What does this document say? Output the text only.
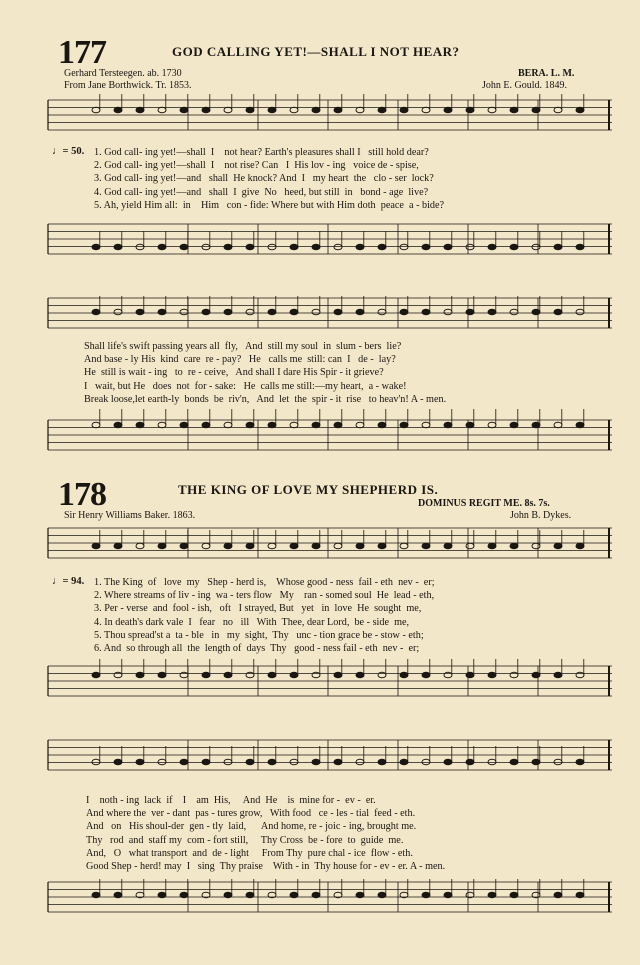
177	GOD CALLING YET!—SHALL I NOT HEAR?
Gerhard Tersteegen. ab. 1730
From Jane Borthwick. Tr. 1853.
BERA. L. M.
John E. Gould. 1849.
♩= 50. 1. God call- ing yet!—shall  I    not hear? Earth's pleasures shall I   still hold dear?
2. God call- ing yet!—shall  I    not rise? Can   I  His lov - ing   voice de - spise,
3. God call- ing yet!—and   shall  He knock? And  I   my heart  the   clo - ser  lock?
4. God call- ing yet!—and   shall  I  give  No   heed, but still  in   bond - age  live?
5. Ah, yield Him all:  in    Him   con - fide: Where but with Him doth  peace  a - bide?
Shall life's swift passing years all  fly,   And  still my soul  in  slum - bers  lie?
And base - ly His  kind  care  re - pay?   He   calls me  still: can  I   de -  lay?
He  still is wait - ing   to  re - ceive,   And shall I dare His Spir - it grieve?
I   wait, but He   does  not  for - sake:   He  calls me still:—my heart,  a - wake!
Break loose,let earth-ly  bonds  be  riv'n,   And  let  the  spir - it  rise   to heav'n! A - men.
178	THE KING OF LOVE MY SHEPHERD IS.
DOMINUS REGIT ME. 8s. 7s.
Sir Henry Williams Baker. 1863.	John B. Dykes.
♩= 94. 1. The King  of   love  my   Shep - herd is,    Whose good - ness  fail - eth  nev -  er;
2. Where streams of liv - ing  wa - ters flow   My    ran - somed soul  He  lead - eth,
3. Per - verse  and  fool - ish,   oft   I strayed, But   yet   in  love  He  sought  me,
4. In death's dark vale  I   fear   no   ill   With  Thee, dear Lord,  be - side  me,
5. Thou spread'st a  ta - ble   in   my  sight,  Thy   unc - tion grace be - stow - eth;
6. And  so through all  the  length of  days  Thy   good - ness fail - eth  nev -  er;
I    noth - ing  lack  if    I    am  His,     And  He    is  mine for -  ev -  er.
And where the  ver - dant  pas - tures grow,   With food   ce - les - tial  feed - eth.
And   on   His shoul-der  gen - tly  laid,      And home, re - joic - ing, brought me.
Thy   rod  and  staff my  com - fort still,     Thy Cross  be - fore  to  guide  me.
And,   O   what transport  and  de - light     From Thy  pure chal - ice  flow - eth.
Good Shep - herd! may  I   sing  Thy praise    With - in  Thy house for - ev - er. A - men.
